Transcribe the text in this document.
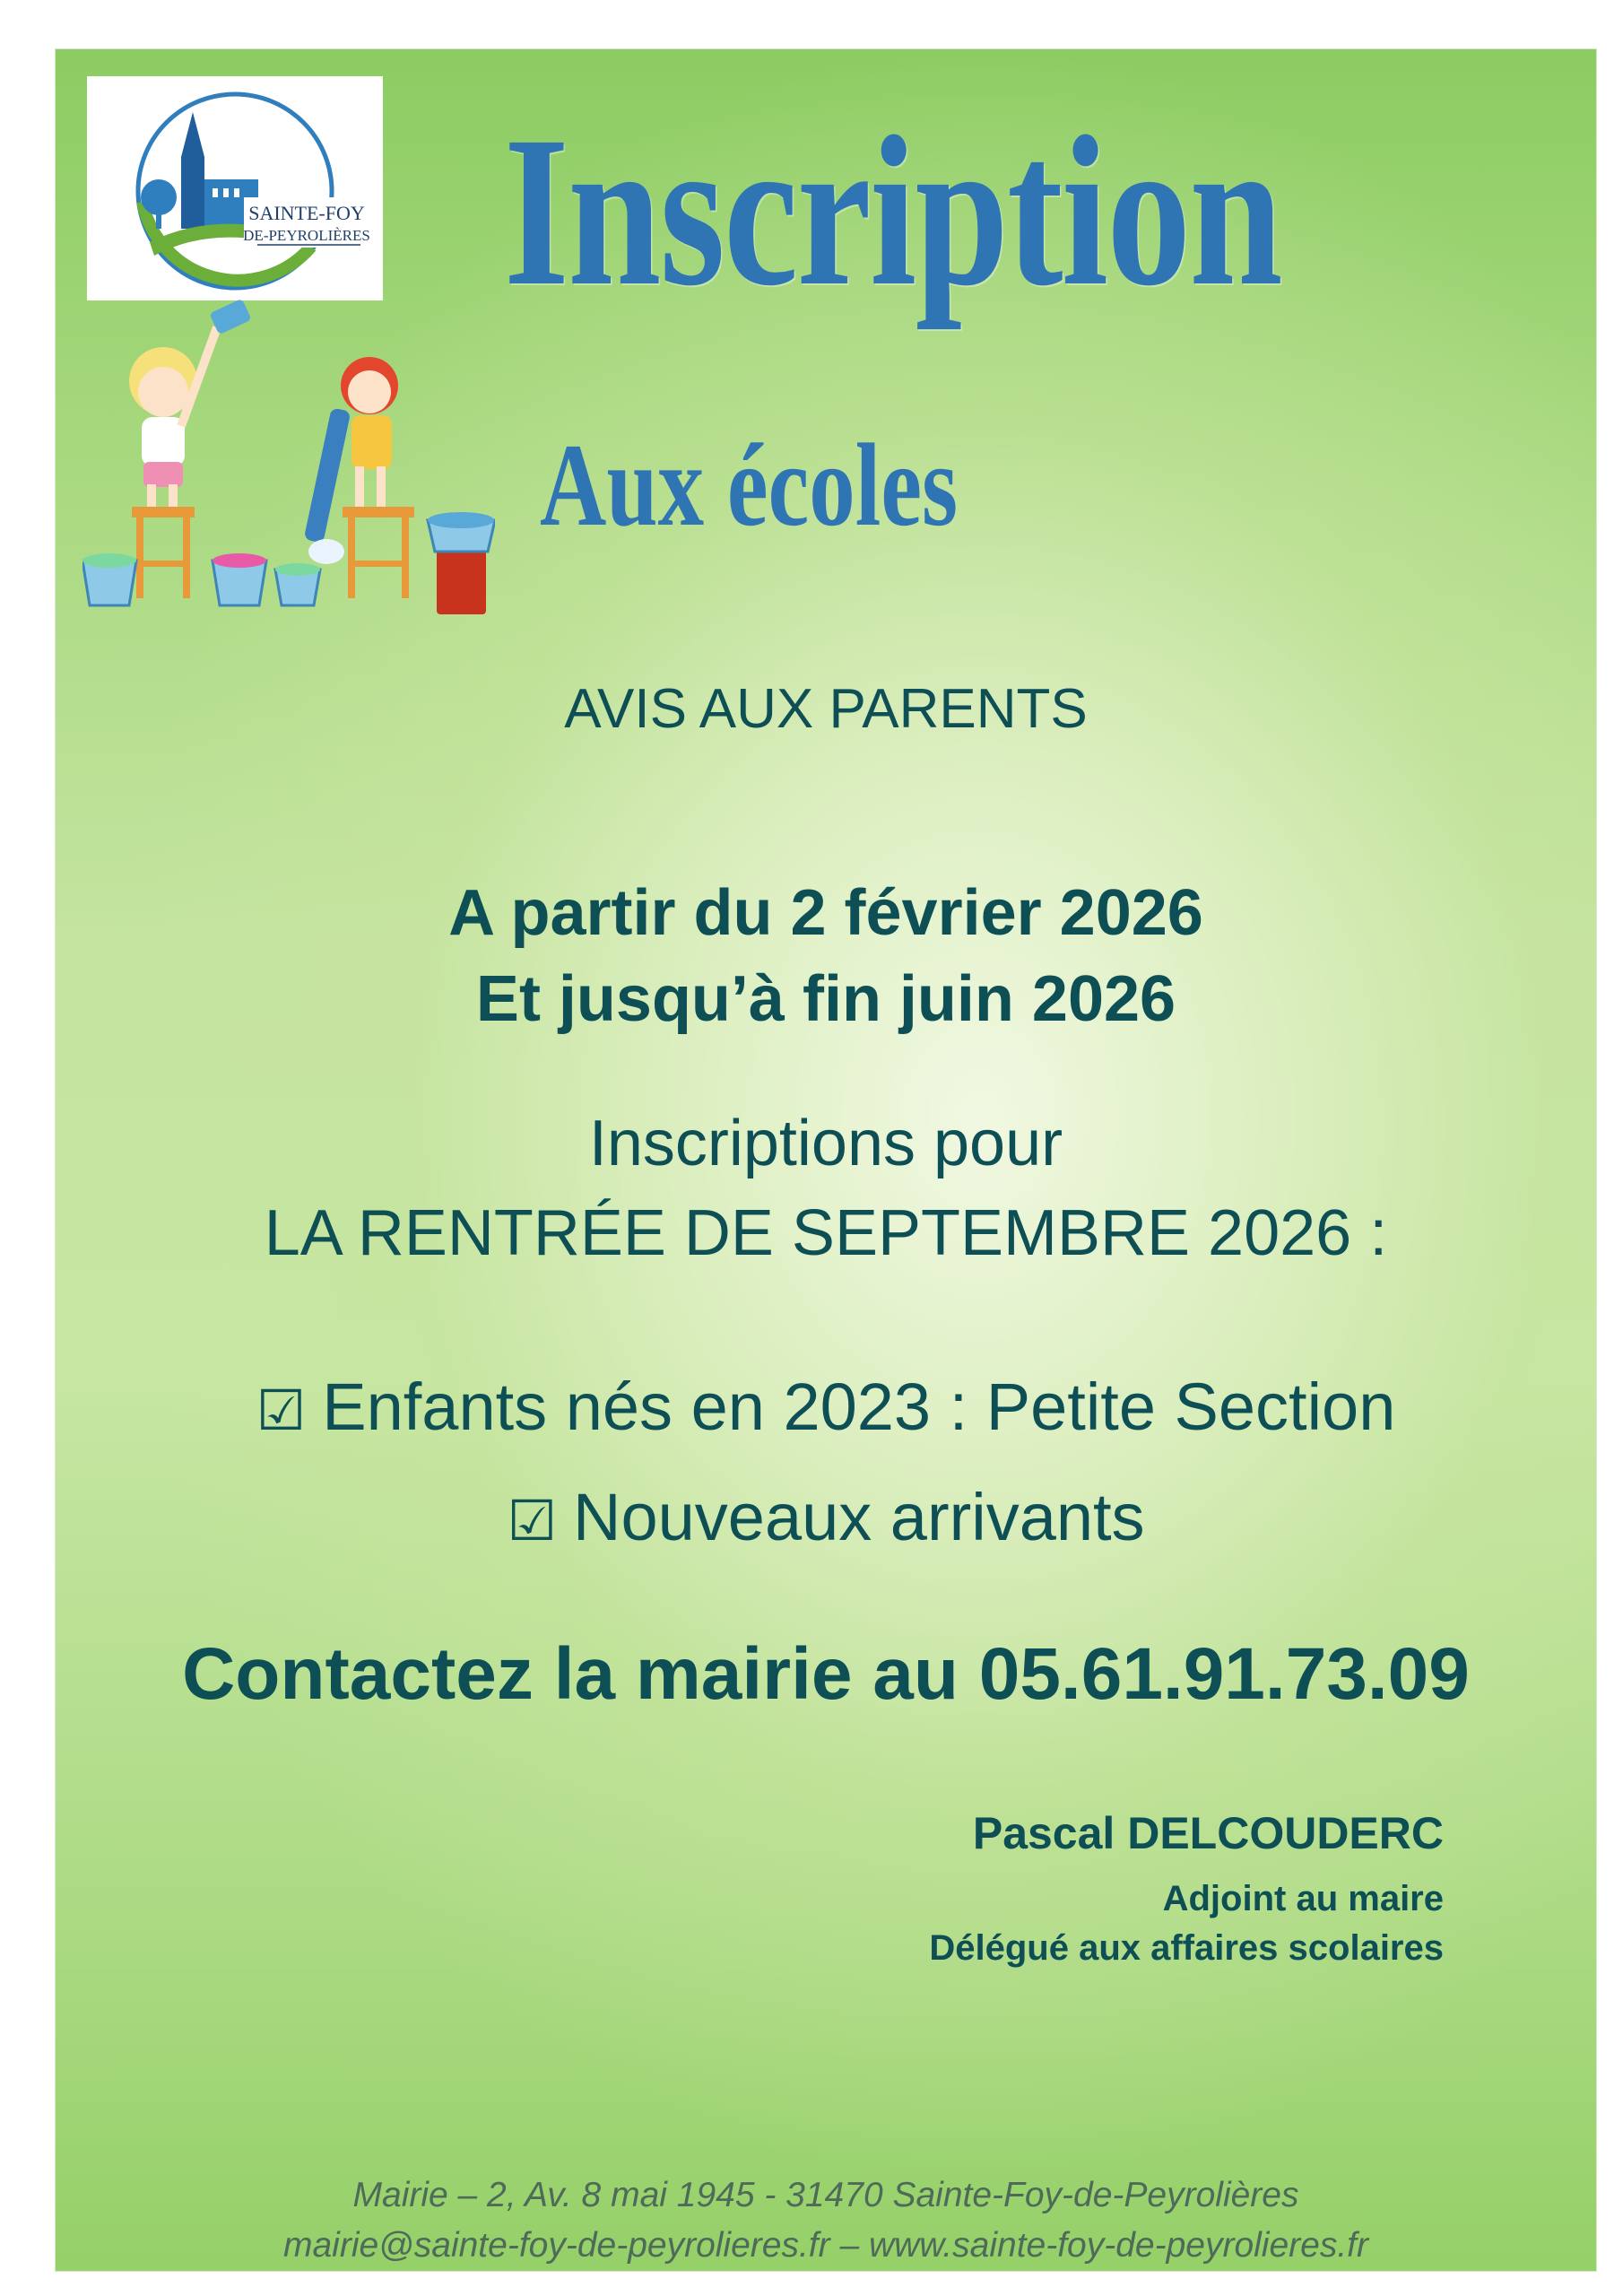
SAINTE-FOY
DE-PEYROLIÈRES Inscription
Aux écoles
AVIS AUX PARENTS
A partir du 2 février 2026
Et jusqu’à fin juin 2026
Inscriptions pour
LA RENTRÉE DE SEPTEMBRE 2026 :
☑ Enfants nés en 2023 : Petite Section
☑ Nouveaux arrivants
Contactez la mairie au 05.61.91.73.09
Pascal DELCOUDERC
Adjoint au maire
Délégué aux affaires scolaires
Mairie – 2, Av. 8 mai 1945 - 31470 Sainte-Foy-de-Peyrolières
mairie@sainte-foy-de-peyrolieres.fr – www.sainte-foy-de-peyrolieres.fr
